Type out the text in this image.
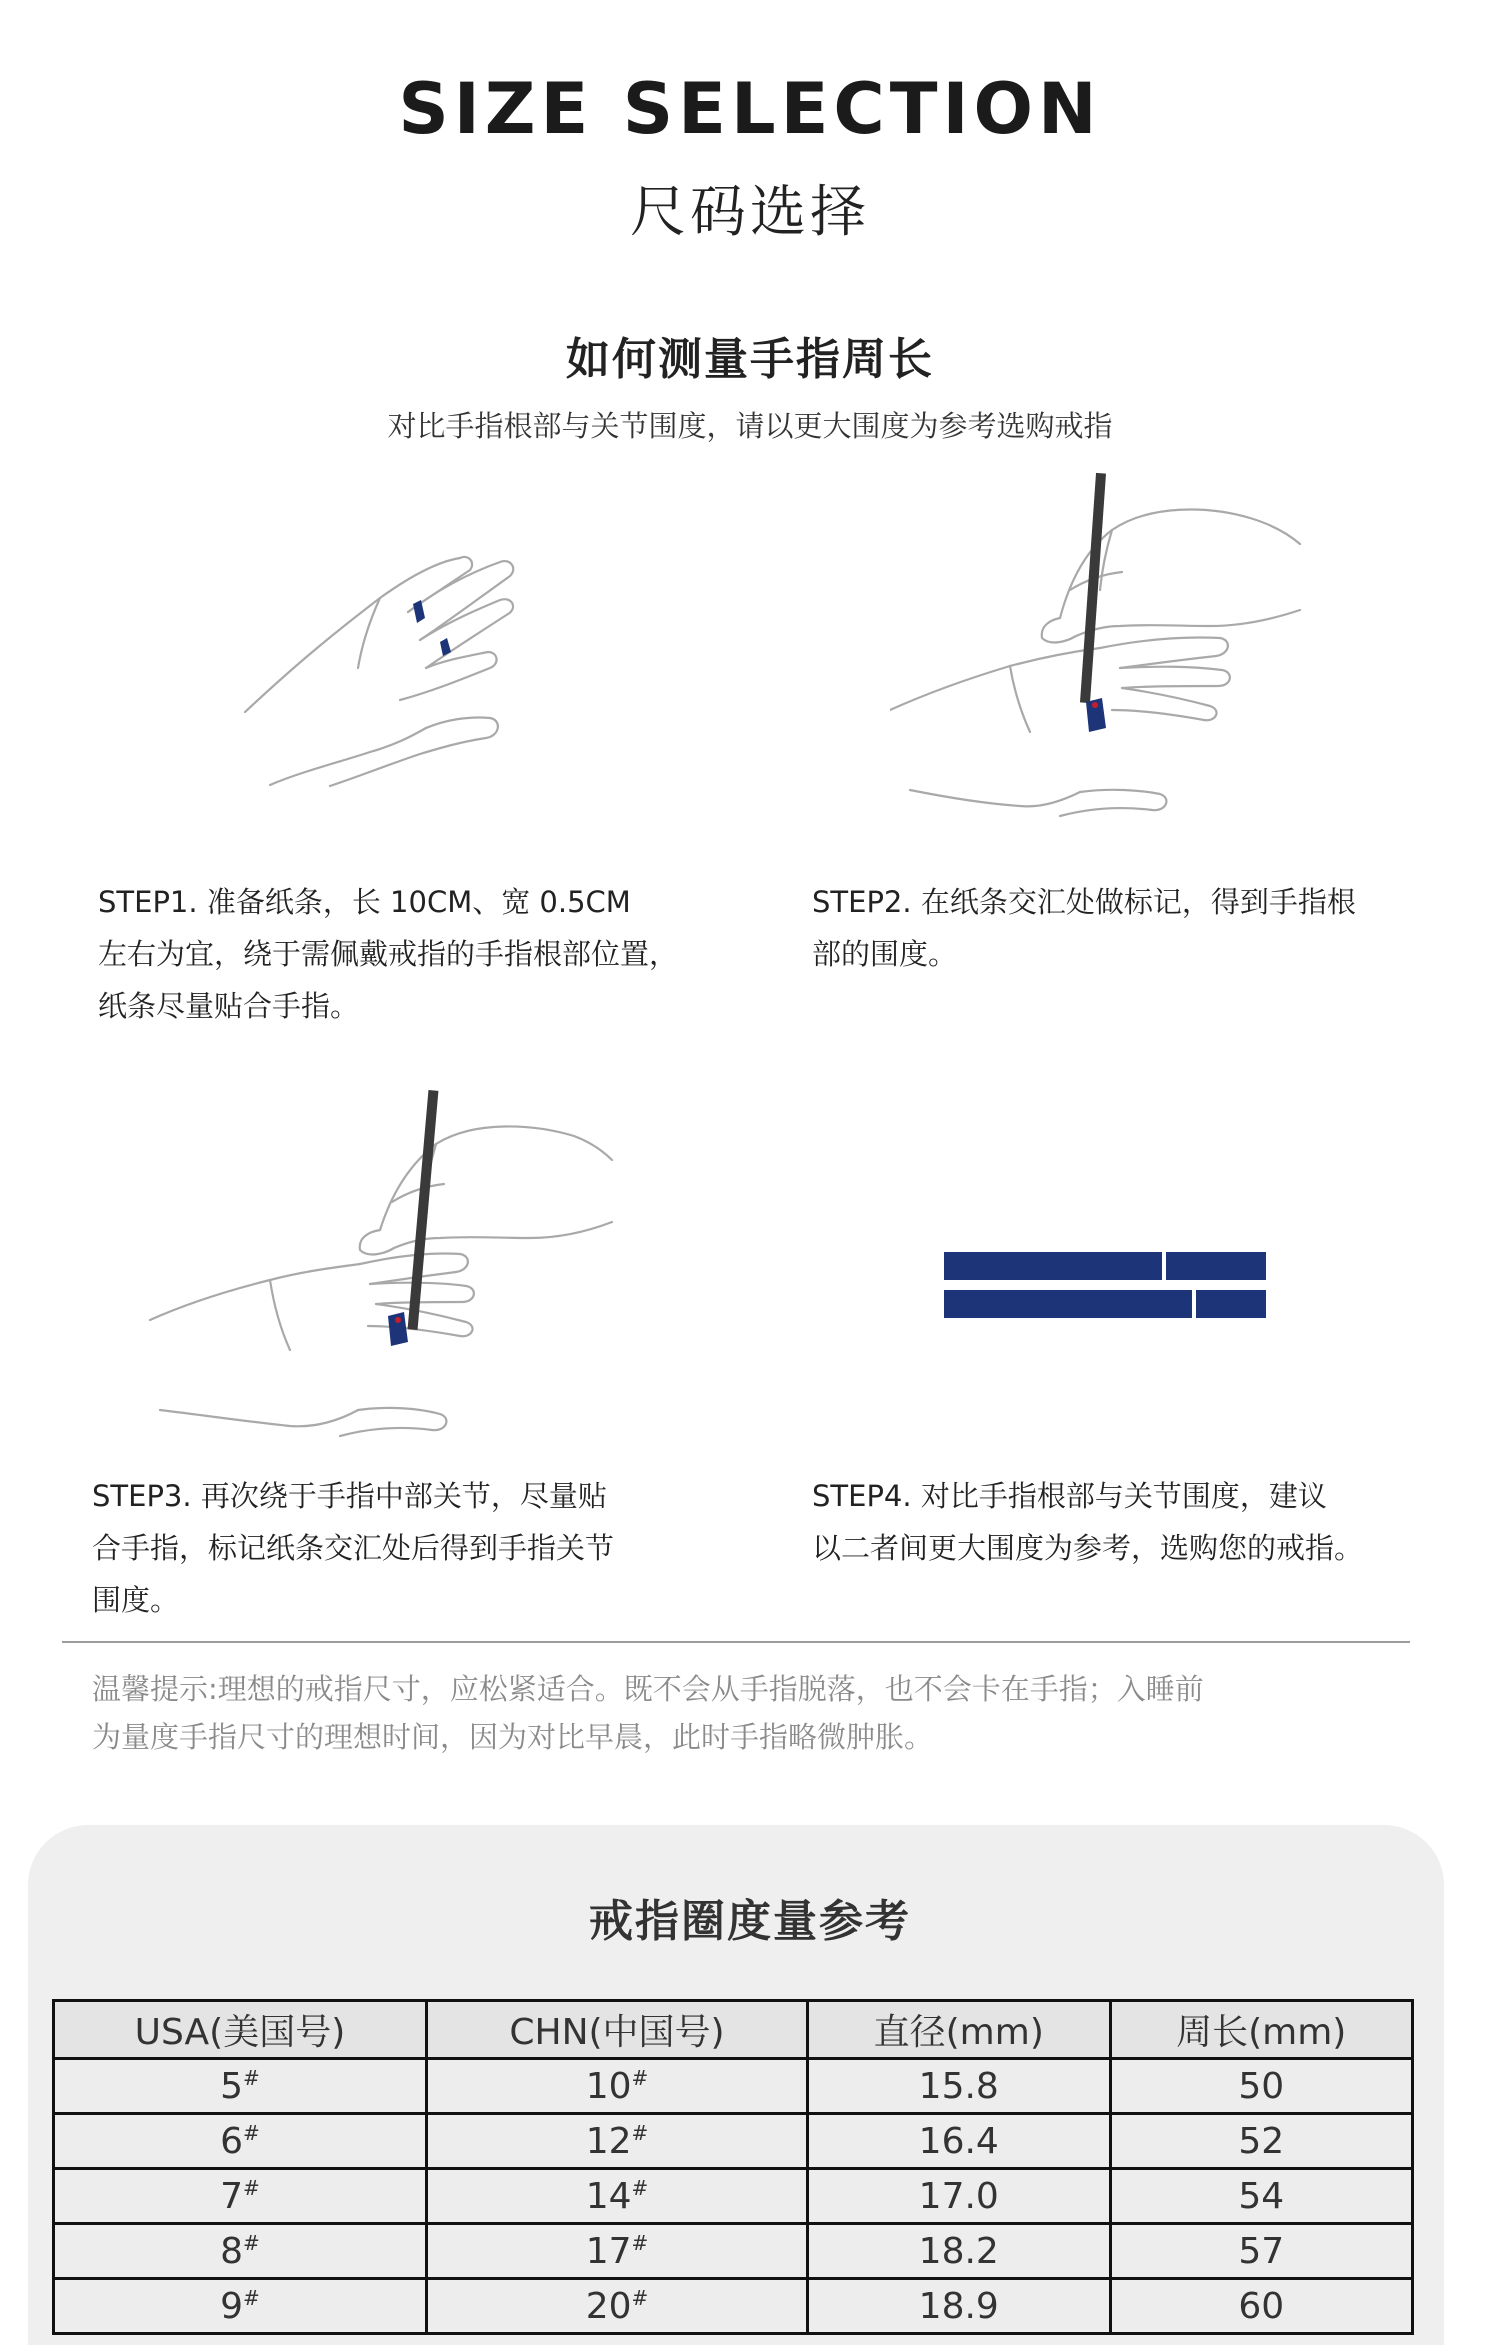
SIZE SELECTION
尺码选择
如何测量手指周长
对比手指根部与关节围度，请以更大围度为参考选购戒指
STEP1. 准备纸条，长 10CM、宽 0.5CM
左右为宜，绕于需佩戴戒指的手指根部位置，
纸条尽量贴合手指。
STEP2. 在纸条交汇处做标记，得到手指根
部的围度。
STEP3. 再次绕于手指中部关节，尽量贴
合手指，标记纸条交汇处后得到手指关节
围度。
STEP4. 对比手指根部与关节围度，建议
以二者间更大围度为参考，选购您的戒指。
温馨提示:理想的戒指尺寸，应松紧适合。既不会从手指脱落，也不会卡在手指；入睡前
为量度手指尺寸的理想时间，因为对比早晨，此时手指略微肿胀。
戒指圈度量参考
USA(美国号)	CHN(中国号)	直径(mm)	周长(mm)
5#	10#	15.8	50
6#	12#	16.4	52
7#	14#	17.0	54
8#	17#	18.2	57
9#	20#	18.9	60
